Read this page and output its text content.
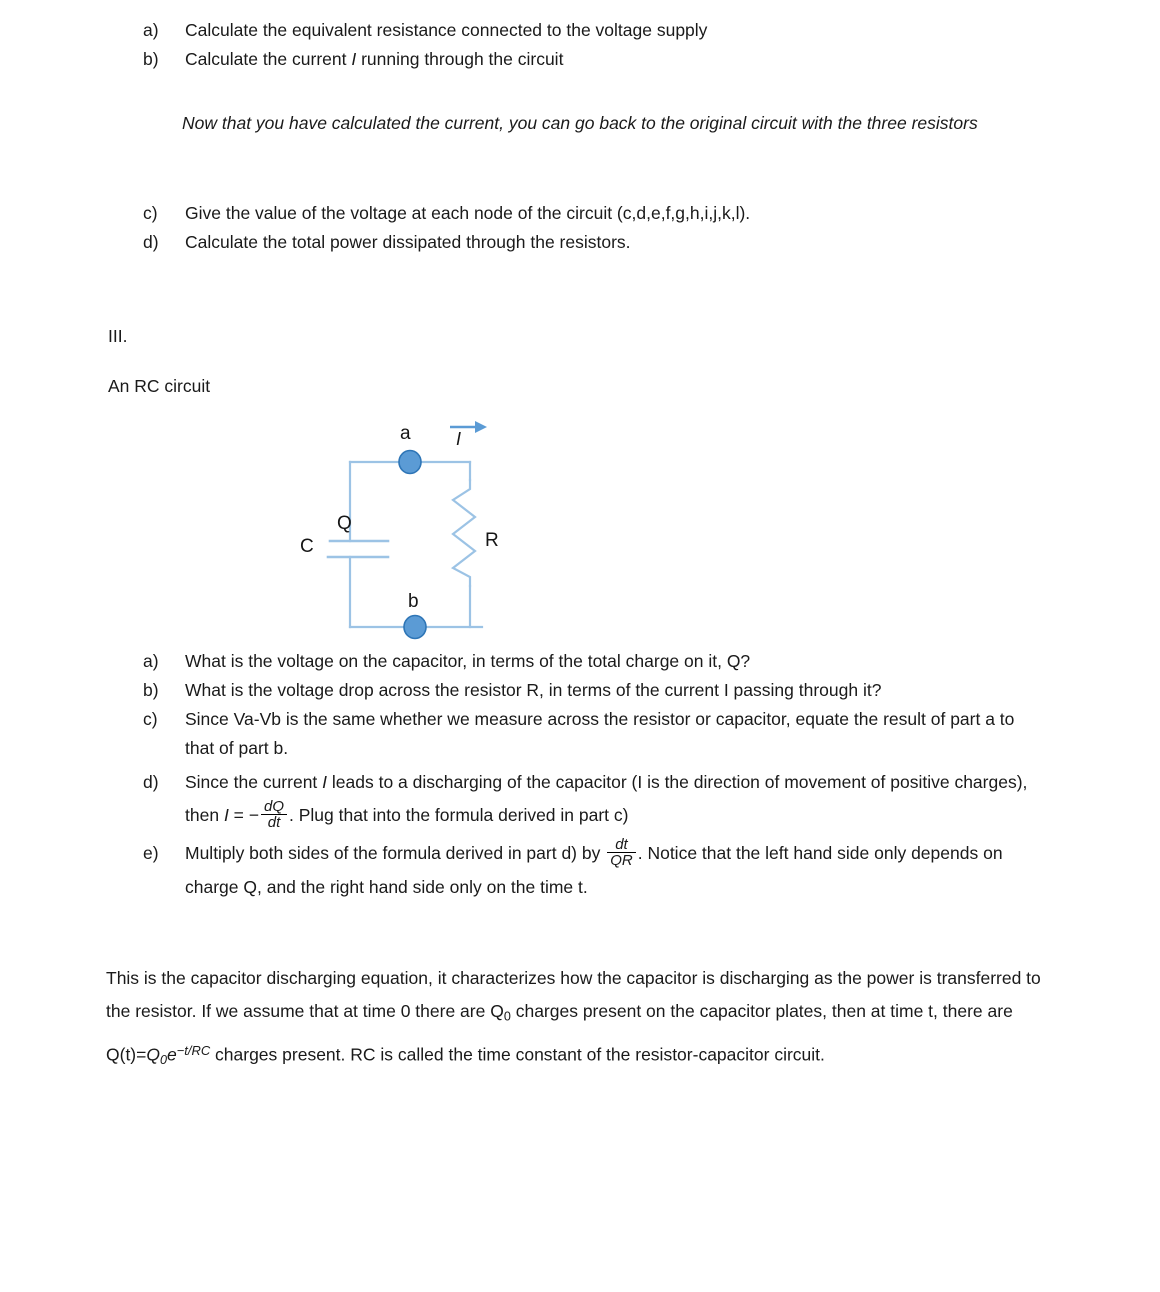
a)	Calculate the equivalent resistance connected to the voltage supply
b)	Calculate the current I running through the circuit
Now that you have calculated the current, you can go back to the original circuit with the three resistors
c)	Give the value of the voltage at each node of the circuit (c,d,e,f,g,h,i,j,k,l).
d)	Calculate the total power dissipated through the resistors.
III.
An RC circuit
a	I
C
Q
R
b
a)	What is the voltage on the capacitor, in terms of the total charge on it, Q?
b)	What is the voltage drop across the resistor R, in terms of the current I passing through it?
c)	Since Va-Vb is the same whether we measure across the resistor or capacitor, equate the result of part a to that of part b.
d)	Since the current I leads to a discharging of the capacitor (I is the direction of movement of positive charges), then I = − $\frac{dQ}{dt}$ . Plug that into the formula derived in part c)
e)	Multiply both sides of the formula derived in part d) by $\frac{dt}{QR}$ . Notice that the left hand side only depends on charge Q, and the right hand side only on the time t.
This is the capacitor discharging equation, it characterizes how the capacitor is discharging as the power is transferred to the resistor. If we assume that at time 0 there are $Q_0$ charges present on the capacitor plates, then at time t, there are $Q(t)=Q_0e^{-t/RC}$ charges present. RC is called the time constant of the resistor-capacitor circuit.
